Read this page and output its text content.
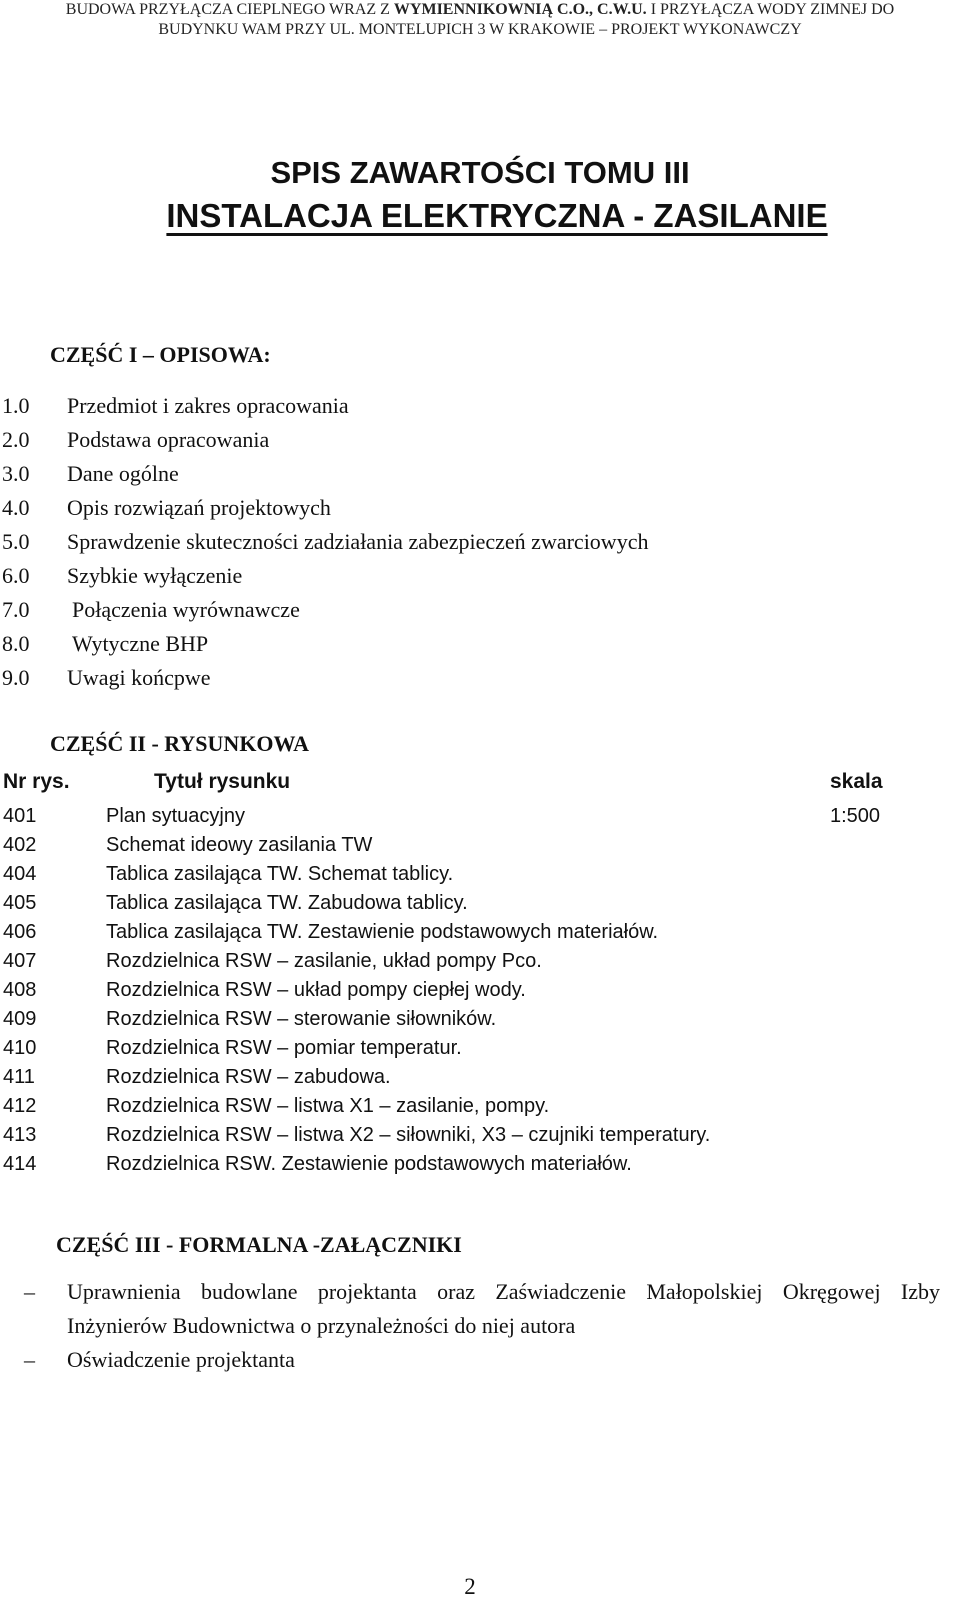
BUDOWA PRZYŁĄCZA CIEPLNEGO WRAZ Z WYMIENNIKOWNIĄ C.O., C.W.U. I PRZYŁĄCZA WODY ZIMNEJ DO
BUDYNKU WAM PRZY UL. MONTELUPICH 3 W KRAKOWIE – PROJEKT WYKONAWCZY
SPIS ZAWARTOŚCI TOMU III
INSTALACJA ELEKTRYCZNA - ZASILANIE
CZĘŚĆ I – OPISOWA:
1.0	Przedmiot i zakres opracowania
2.0	Podstawa opracowania
3.0	Dane ogólne
4.0	Opis rozwiązań projektowych
5.0	Sprawdzenie skuteczności zadziałania zabezpieczeń zwarciowych
6.0	Szybkie wyłączenie
7.0	Połączenia wyrównawcze
8.0	Wytyczne BHP
9.0	Uwagi końcpwe
CZĘŚĆ II - RYSUNKOWA
Nr rys.	Tytuł rysunku	skala
401	Plan sytuacyjny	1:500
402	Schemat ideowy zasilania TW
404	Tablica zasilająca TW. Schemat tablicy.
405	Tablica zasilająca TW. Zabudowa tablicy.
406	Tablica zasilająca TW. Zestawienie podstawowych materiałów.
407	Rozdzielnica RSW – zasilanie, układ pompy Pco.
408	Rozdzielnica RSW – układ pompy ciepłej wody.
409	Rozdzielnica RSW – sterowanie siłowników.
410	Rozdzielnica RSW – pomiar temperatur.
411	Rozdzielnica RSW – zabudowa.
412	Rozdzielnica RSW – listwa X1 – zasilanie, pompy.
413	Rozdzielnica RSW – listwa X2 – siłowniki, X3 – czujniki temperatury.
414	Rozdzielnica RSW. Zestawienie podstawowych materiałów.
CZĘŚĆ III - FORMALNA -ZAŁĄCZNIKI
– Uprawnienia budowlane projektanta oraz Zaświadczenie Małopolskiej Okręgowej Izby Inżynierów Budownictwa o przynależności do niej autora
– Oświadczenie projektanta
2
